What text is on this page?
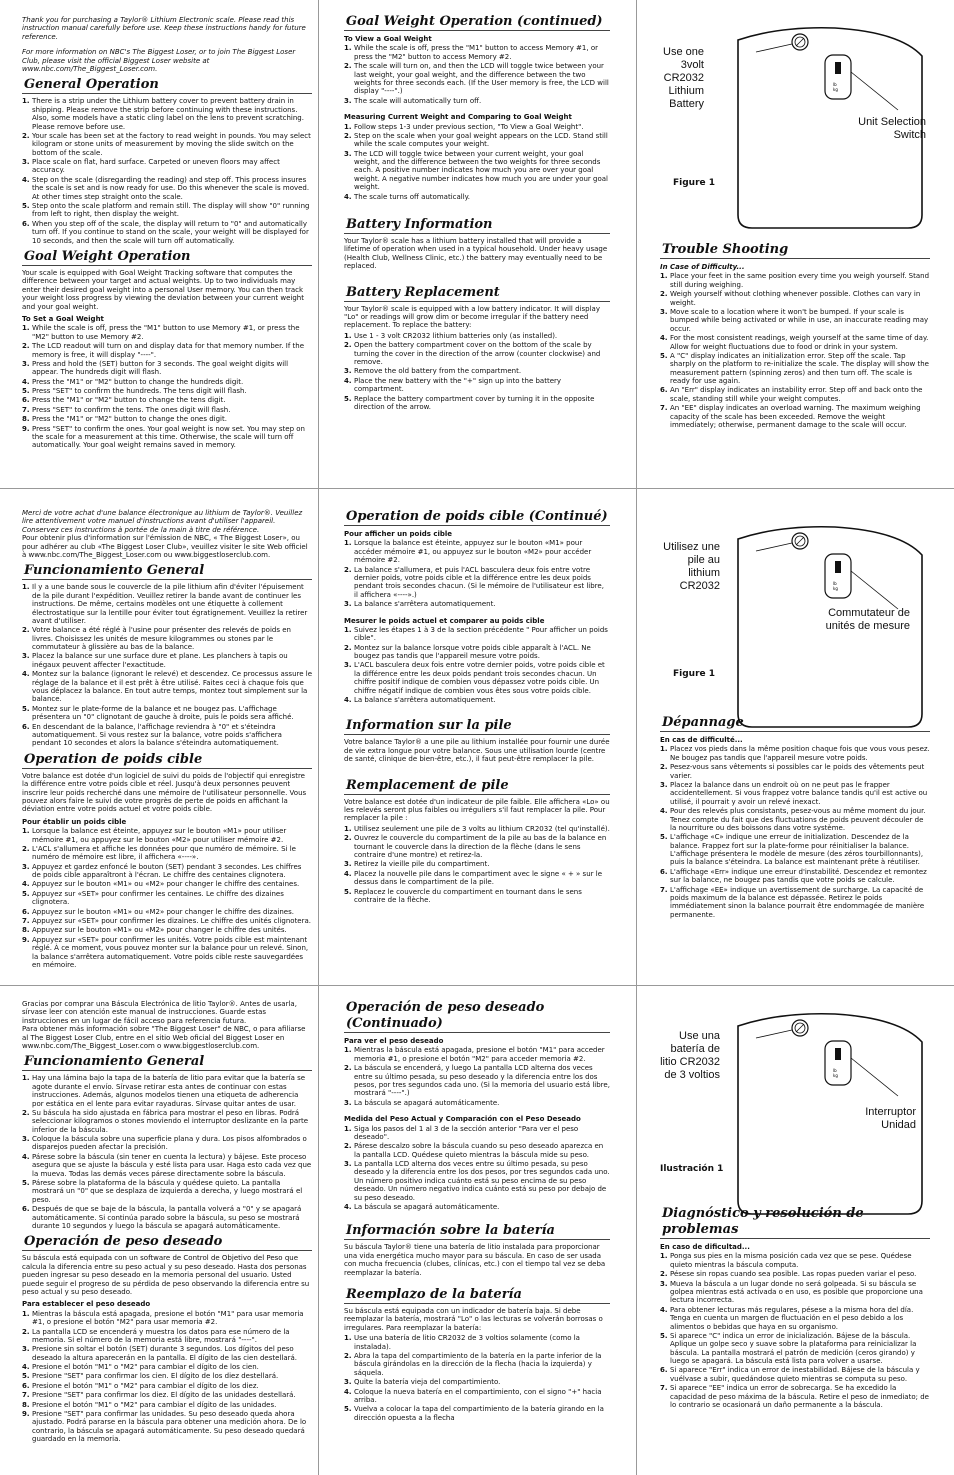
Thank you for purchasing a Taylor® Lithium Electronic scale. Please read this instruction manual carefully before use. Keep these instructions handy for future reference.

For more information on NBC's The Biggest Loser, or to join The Biggest Loser Club, please visit the official Biggest Loser website at www.nbc.com/The_Biggest_Loser.com.

General Operation
1. There is a strip under the Lithium battery cover to prevent battery drain in shipping. Please remove the strip before continuing with these instructions. Also, some models have a static cling label on the lens to prevent scratching. Please remove before use.
2. Your scale has been set at the factory to read weight in pounds. You may select kilogram or stone units of measurement by moving the slide switch on the bottom of the scale.
3. Place scale on flat, hard surface. Carpeted or uneven floors may affect accuracy.
4. Step on the scale (disregarding the reading) and step off. This process insures the scale is set and is now ready for use. Do this whenever the scale is moved. At other times step straight onto the scale.
5. Step onto the scale platform and remain still. The display will show "0" running from left to right, then display the weight.
6. When you step off of the scale, the display will return to "0" and automatically turn off. If you continue to stand on the scale, your weight will be displayed for 10 seconds, and then the scale will turn off automatically.
Goal Weight Operation

Your scale is equipped with Goal Weight Tracking software that computes the difference between your target and actual weights. Up to two individuals may enter their desired goal weight into a personal User memory. You can then track your weight loss progress by viewing the deviation between your current weight and your goal weight.

To Set a Goal Weight

1. While the scale is off, press the "M1" button to use Memory #1, or press the "M2" button to use Memory #2.
2. The LCD readout will turn on and display data for that memory number. If the memory is free, it will display "----".
3. Press and hold the (SET) button for 3 seconds. The goal weight digits will appear. The hundreds digit will flash.
4. Press the "M1" or "M2" button to change the hundreds digit.
5. Press "SET" to confirm the hundreds. The tens digit will flash.
6. Press the "M1" or "M2" button to change the tens digit.
7. Press "SET" to confirm the tens. The ones digit will flash.
8. Press the "M1" or "M2" button to change the ones digit.
9. Press "SET" to confirm the ones. Your goal weight is now set. You may step on the scale for a measurement at this time. Otherwise, the scale will turn off automatically. Your goal weight remains saved in memory.
Goal Weight Operation (continued)

To View a Goal Weight

1. While the scale is off, press the "M1" button to access Memory #1, or press the "M2" button to access Memory #2.
2. The scale will turn on, and then the LCD will toggle twice between your last weight, your goal weight, and the difference between the two weights for three seconds each. (If the User memory is free, the LCD will display "----".)
3. The scale will automatically turn off.

Measuring Current Weight and Comparing to Goal Weight

1. Follow steps 1-3 under previous section, "To View a Goal Weight".
2. Step on the scale when your goal weight appears on the LCD. Stand still while the scale computes your weight.
3. The LCD will toggle twice between your current weight, your goal weight, and the difference between the two weights for three seconds each. A positive number indicates how much you are over your goal weight. A negative number indicates how much you are under your goal weight.
4. The scale turns off automatically.
Battery Information

Your Taylor® scale has a lithium battery installed that will provide a lifetime of operation when used in a typical household. Under heavy usage (Health Club, Wellness Clinic, etc.) the battery may eventually need to be replaced.

Battery Replacement

Your Taylor® scale is equipped with a low battery indicator. It will display "Lo" or readings will grow dim or become irregular if the battery need replacement. To replace the battery:

1. Use 1 - 3 volt CR2032 lithium batteries only (as installed).
2. Open the battery compartment cover on the bottom of the scale by turning the cover in the direction of the arrow (counter clockwise) and remove.
3. Remove the old battery from the compartment.
4. Place the new battery with the "+" sign up into the battery compartment.
5. Replace the battery compartment cover by turning it in the opposite direction of the arrow.
lb
kg
Use one 3volt CR2032 Lithium Battery
Unit Selection Switch
Figure 1
Trouble Shooting

In Case of Difficulty...

1. Place your feet in the same position every time you weigh yourself. Stand still during weighing.
2. Weigh yourself without clothing whenever possible. Clothes can vary in weight.
3. Move scale to a location where it won't be bumped. If your scale is bumped while being activated or while in use, an inaccurate reading may occur.
4. For the most consistent readings, weigh yourself at the same time of day. Allow for weight fluctuations due to food or drink in your system.
5. A "C" display indicates an initialization error. Step off the scale. Tap sharply on the platform to re-initialize the scale. The display will show the measurement pattern (spinning zeros) and then turn off. The scale is ready for use again.
6. An "Err" display indicates an instability error. Step off and back onto the scale, standing still while your weight computes.
7. An "EE" display indicates an overload warning. The maximum weighing capacity of the scale has been exceeded. Remove the weight immediately; otherwise, permanent damage to the scale will occur.

Merci de votre achat d'une balance électronique au lithium de Taylor®. Veuillez lire attentivement votre manuel d'instructions avant d'utiliser l'appareil. Conservez ces instructions à portée de la main à titre de référence.

Pour obtenir plus d'information sur l'émission de NBC, « The Biggest Loser», ou pour adhérer au club «The Biggest Loser Club», veuillez visiter le site Web officiel à www.nbc.com/The_Biggest_Loser.com ou www.biggestloserclub.com.

Funcionamiento General
1. Il y a une bande sous le couvercle de la pile lithium afin d'éviter l'épuisement de la pile durant l'expédition. Veuillez retirer la bande avant de continuer les instructions. De même, certains modèles ont une étiquette à collement électrostatique sur la lentille pour éviter tout égratignement. Veuillez la retirer avant d'utiliser.
2. Votre balance a été réglé à l'usine pour présenter des relevés de poids en livres. Choisissez les unités de mesure kilogrammes ou stones par le commutateur à glissière au bas de la balance.
3. Placez la balance sur une surface dure et plane. Les planchers à tapis ou inégaux peuvent affecter l'exactitude.
4. Montez sur la balance (ignorant le relevé) et descendez. Ce processus assure le réglage de la balance et il est prêt à être utilisé. Faites ceci à chaque fois que vous déplacez la balance. En tout autre temps, montez tout simplement sur la balance.
5. Montez sur le plate-forme de la balance et ne bougez pas. L'affichage présentera un "0" clignotant de gauche à droite, puis le poids sera affiché.
6. En descendant de la balance, l'affichage reviendra à "0" et s'éteindra automatiquement. Si vous restez sur la balance, votre poids s'affichera pendant 10 secondes et alors la balance s'éteindra automatiquement.
Operation de poids cible

Votre balance est dotée d'un logiciel de suivi du poids de l'objectif qui enregistre la différence entre votre poids cible et réel. Jusqu'à deux personnes peuvent inscrire leur poids recherché dans une mémoire de l'utilisateur personnelle. Vous pouvez alors faire le suivi de votre progrès de perte de poids en affichant la déviation entre votre poids actuel et votre poids cible.

Pour établir un poids cible

1. Lorsque la balance est éteinte, appuyez sur le bouton «M1» pour utiliser mémoire #1, ou appuyez sur le bouton «M2» pour utiliser mémoire #2.
2. L'ACL s'allumera et affiche les données pour que numéro de mémoire. Si le numéro de mémoire est libre, il affichera «----».
3. Appuyez et gardez enfoncé le bouton (SET) pendant 3 secondes. Les chiffres de poids cible apparaîtront à l'écran. Le chiffre des centaines clignotera.
4. Appuyez sur le bouton «M1» ou «M2» pour changer le chiffre des centaines.
5. Appuyez sur «SET» pour confirmer les centaines. Le chiffre des dizaines clignotera.
6. Appuyez sur le bouton «M1» ou «M2» pour changer le chiffre des dizaines.
7. Appuyez sur «SET» pour confirmer les dizaines. Le chiffre des unités clignotera.
8. Appuyez sur le bouton «M1» ou «M2» pour changer le chiffre des unités.
9. Appuyez sur «SET» pour confirmer les unités. Votre poids cible est maintenant réglé. À ce moment, vous pouvez monter sur la balance pour un relevé. Sinon, la balance s'arrêtera automatiquement. Votre poids cible reste sauvegardées en mémoire.
Operation de poids cible (Continué)

Pour afficher un poids cible

1. Lorsque la balance est éteinte, appuyez sur le bouton «M1» pour accéder mémoire #1, ou appuyez sur le bouton «M2» pour accéder mémoire #2.
2. La balance s'allumera, et puis l'ACL basculera deux fois entre votre dernier poids, votre poids cible et la différence entre les deux poids pendant trois secondes chacun. (Si le mémoire de l'utilisateur est libre, il affichera «----».)
3. La balance s'arrêtera automatiquement.

Mesurer le poids actuel et comparer au poids cible

1. Suivez les étapes 1 à 3 de la section précédente " Pour afficher un poids cible".
2. Montez sur la balance lorsque votre poids cible apparaît à l'ACL. Ne bougez pas tandis que l'appareil mesure votre poids.
3. L'ACL basculera deux fois entre votre dernier poids, votre poids cible et la différence entre les deux poids pendant trois secondes chacun. Un chiffre positif indique de combien vous dépassez votre poids cible. Un chiffre négatif indique de combien vous êtes sous votre poids cible.
4. La balance s'arrêtera automatiquement.
Information sur la pile

Votre balance Taylor® a une pile au lithium installée pour fournir une durée de vie extra longue pour votre balance. Sous une utilisation lourde (centre de santé, clinique de bien-être, etc.), il faut peut-être remplacer la pile.

Remplacement de pile

Votre balance est dotée d'un indicateur de pile faible. Elle affichera «Lo» ou les relevés seront plus faibles ou irréguliers s'il faut remplacer la pile. Pour remplacer la pile :

1. Utilisez seulement une pile de 3 volts au lithium CR2032 (tel qu'installé).
2. Ouvrez le couvercle du compartiment de la pile au bas de la balance en tournant le couvercle dans la direction de la flèche (dans le sens contraire d'une montre) et retirez-la.
3. Retirez la vieille pile du compartiment.
4. Placez la nouvelle pile dans le compartiment avec le signe « + » sur le dessus dans le compartiment de la pile.
5. Replacez le couvercle du compartiment en tournant dans le sens contraire de la flèche.
lb
kg
Utilisez une pile au lithium CR2032
Commutateur de unités de mesure
Figure 1
Dépannage

En cas de difficulté...

1. Placez vos pieds dans la même position chaque fois que vous vous pesez. Ne bougez pas tandis que l'appareil mesure votre poids.
2. Pesez-vous sans vêtements si possibles car le poids des vêtements peut varier.
3. Placez la balance dans un endroit où on ne peut pas le frapper accidentellement. Si vous frappez votre balance tandis qu'il est active ou utilisé, il pourrait y avoir un relevé inexact.
4. Pour des relevés plus consistants, pesez-vous au même moment du jour. Tenez compte du fait que des fluctuations de poids peuvent découler de la nourriture ou des boissons dans votre système.
5. L'affichage «C» indique une erreur de initialization. Descendez de la balance. Frappez fort sur la plate-forme pour réinitialiser la balance. L'affichage présentera le modèle de mesure (des zéros tourbillonnants), puis la balance s'éteindra. La balance est maintenant prête à réutiliser.
6. L'affichage «Err» indique une erreur d'instabilité. Descendez et remontez sur la balance, ne bougez pas tandis que votre poids se calcule.
7. L'affichage «EE» indique un avertissement de surcharge. La capacité de poids maximum de la balance est dépassée. Retirez le poids immédiatement sinon la balance pourrait être endommagée de manière permanente.

Gracias por comprar una Báscula Electrónica de litio Taylor®. Antes de usarla, sírvase leer con atención este manual de instrucciones. Guarde estas instrucciones en un lugar de fácil acceso para referencia futura.

Para obtener más información sobre "The Biggest Loser" de NBC, o para afiliarse al The Biggest Loser Club, entre en el sitio Web oficial del Biggest Loser en www.nbc.com/The_Biggest_Loser.com o www.biggestloserclub.com.

Funcionamiento General
1. Hay una lámina bajo la tapa de la batería de litio para evitar que la batería se agote durante el envío. Sírvase retirar esta antes de continuar con estas instrucciones. Además, algunos modelos tienen una etiqueta de adherencia por estática en el lente para evitar rayaduras. Sírvase quitar antes de usar.
2. Su báscula ha sido ajustada en fábrica para mostrar el peso en libras. Podrá seleccionar kilogramos o stones moviendo el interruptor deslizante en la parte inferior de la báscula.
3. Coloque la báscula sobre una superficie plana y dura. Los pisos alfombrados o disparejos pueden afectar la precisión.
4. Párese sobre la báscula (sin tener en cuenta la lectura) y bájese. Este proceso asegura que se ajuste la báscula y esté lista para usar. Haga esto cada vez que la mueva. Todas las demás veces párese directamente sobre la báscula.
5. Párese sobre la plataforma de la báscula y quédese quieto. La pantalla mostrará un "0" que se desplaza de izquierda a derecha, y luego mostrará el peso.
6. Después de que se baje de la báscula, la pantalla volverá a "0" y se apagará automáticamente. Si continúa parado sobre la báscula, su peso se mostrará durante 10 segundos y luego la báscula se apagará automáticamente.
Operación de peso deseado

Su báscula está equipada con un software de Control de Objetivo del Peso que calcula la diferencia entre su peso actual y su peso deseado. Hasta dos personas pueden ingresar su peso deseado en la memoria personal del usuario. Usted puede seguir el progreso de su pérdida de peso observando la diferencia entre su peso actual y su peso deseado.

Para establecer el peso deseado

1. Mientras la báscula está apagada, presione el botón "M1" para usar memoria #1, o presione el botón "M2" para usar memoria #2.
2. La pantalla LCD se encenderá y muestra los datos para ese número de la memoria. Si el número de la memoria está libre, mostrará "----".
3. Presione sin soltar el botón (SET) durante 3 segundos. Los dígitos del peso deseado la altura aparecerán en la pantalla. El dígito de las cien destellará.
4. Presione el botón "M1" o "M2" para cambiar el dígito de los cien.
5. Presione "SET" para confirmar los cien. El dígito de los diez destellará.
6. Presione el botón "M1" o "M2" para cambiar el dígito de los diez.
7. Presione "SET" para confirmar los diez. El dígito de las unidades destellará.
8. Presione el botón "M1" o "M2" para cambiar el dígito de las unidades.
9. Presione "SET" para confirmar las unidades. Su peso deseado queda ahora ajustado. Podrá pararse en la báscula para obtener una medición ahora. De lo contrario, la báscula se apagará automáticamente. Su peso deseado quedará guardado en la memoria.
Operación de peso deseado (Continuado)

Para ver el peso deseado

1. Mientras la báscula está apagada, presione el botón "M1" para acceder memoria #1, o presione el botón "M2" para acceder memoria #2.
2. La báscula se encenderá, y luego La pantalla LCD alterna dos veces entre su último pesada, su peso deseado y la diferencia entre los dos pesos, por tres segundos cada uno. (Si la memoria del usuario está libre, mostrará "----".)
3. La báscula se apagará automáticamente.

Medida del Peso Actual y Comparación con el Peso Deseado

1. Siga los pasos del 1 al 3 de la sección anterior "Para ver el peso deseado".
2. Párese descalzo sobre la báscula cuando su peso deseado aparezca en la pantalla LCD. Quédese quieto mientras la báscula mide su peso.
3. La pantalla LCD alterna dos veces entre su último pesada, su peso deseado y la diferencia entre los dos pesos, por tres segundos cada uno. Un número positivo indica cuánto está su peso encima de su peso deseado. Un número negativo indica cuánto está su peso por debajo de su peso deseado.
4. La báscula se apagará automáticamente.
Información sobre la batería

Su báscula Taylor® tiene una batería de litio instalada para proporcionar una vida energética mucho mayor para su báscula. En caso de ser usada con mucha frecuencia (clubes, clínicas, etc.) con el tiempo tal vez se deba reemplazar la batería.

Reemplazo de la batería

Su báscula está equipada con un indicador de batería baja. Si debe reemplazar la batería, mostrará "Lo" o las lecturas se volverán borrosas o irregulares. Para reemplazar la batería:

1. Use una batería de litio CR2032 de 3 voltios solamente (como la instalada).
2. Abra la tapa del compartimiento de la batería en la parte inferior de la báscula girándolas en la dirección de la flecha (hacia la izquierda) y sáquela.
3. Quite la batería vieja del compartimiento.
4. Coloque la nueva batería en el compartimiento, con el signo "+" hacia arriba.
5. Vuelva a colocar la tapa del compartimiento de la batería girando en la dirección opuesta a la flecha
lb
kg
Use una batería de litio CR2032 de 3 voltios
Interruptor Unidad
Ilustración 1
Diagnóstico y resolución de problemas

En caso de dificultad...

1. Ponga sus pies en la misma posición cada vez que se pese. Quédese quieto mientras la báscula computa.
2. Pésese sin ropas cuando sea posible. Las ropas pueden variar el peso.
3. Mueva la báscula a un lugar donde no será golpeada. Si su báscula se golpea mientras está activada o en uso, es posible que proporcione una lectura incorrecta.
4. Para obtener lecturas más regulares, pésese a la misma hora del día. Tenga en cuenta un margen de fluctuación en el peso debido a los alimentos o bebidas que haya en su organismo.
5. Si aparece "C" indica un error de inicialización. Bájese de la báscula. Aplique un golpe seco y suave sobre la plataforma para reinicializar la báscula. La pantalla mostrará el patrón de medición (ceros girando) y luego se apagará. La báscula está lista para volver a usarse.
6. Si aparece "Err" indica un error de inestabilidad. Bájese de la báscula y vuélvase a subir, quedándose quieto mientras se computa su peso.
7. Si aparece "EE" indica un error de sobrecarga. Se ha excedido la capacidad de peso máxima de la báscula. Retire el peso de inmediato; de lo contrario se ocasionará un daño permanente a la báscula.
